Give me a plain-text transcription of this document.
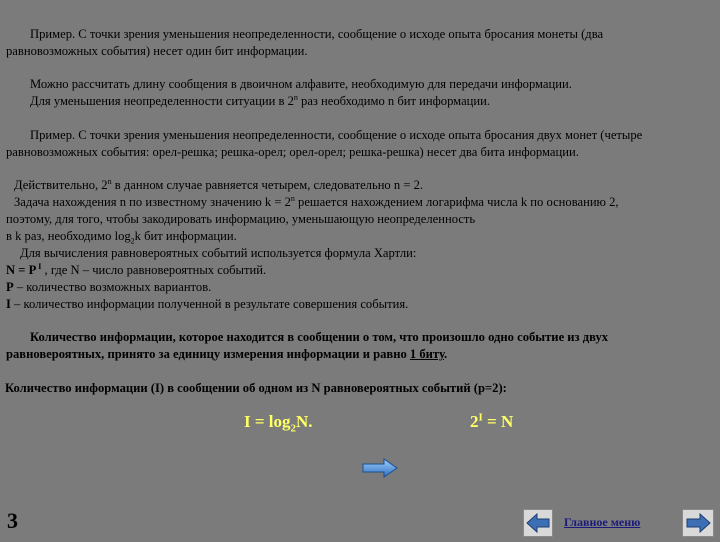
Пример. С точки зрения уменьшения неопределенности, сообщение о исходе опыта бросания монеты (два

равновозможных события) несет один бит информации.

Можно рассчитать длину сообщения в двоичном алфавите, необходимую для передачи информации.

Для уменьшения неопределенности ситуации в 2$^n$ раз необходимо n бит информации.

Пример. С точки зрения уменьшения неопределенности, сообщение о исходе опыта бросания двух монет (четыре

равновозможных события: орел-решка; решка-орел; орел-орел; решка-решка) несет два бита информации.

Действительно, 2$^n$ в данном случае равняется четырем, следовательно n = 2.

Задача нахождения n по известному значению $k = 2^n$ решается нахождением логарифма числа k по основанию 2,

поэтому, для того, чтобы закодировать информацию, уменьшающую неопределенность

в k раз, необходимо $\log_2k$ бит информации.

Для вычисления равновероятных событий используется формула Хартли:

N = P $^I$ , где N – число равновероятных событий.

P – количество возможных вариантов.

I – количество информации полученной в результате совершения события.

Количество информации, которое находится в сообщении о том, что произошло одно событие из двух

равновероятных, принято за единицу измерения информации и равно 1 биту.

Количество информации (I) в сообщении об одном из N равновероятных событий (p=2):

$I = \log_2N$.	$2^I = N$
3	Главное меню
